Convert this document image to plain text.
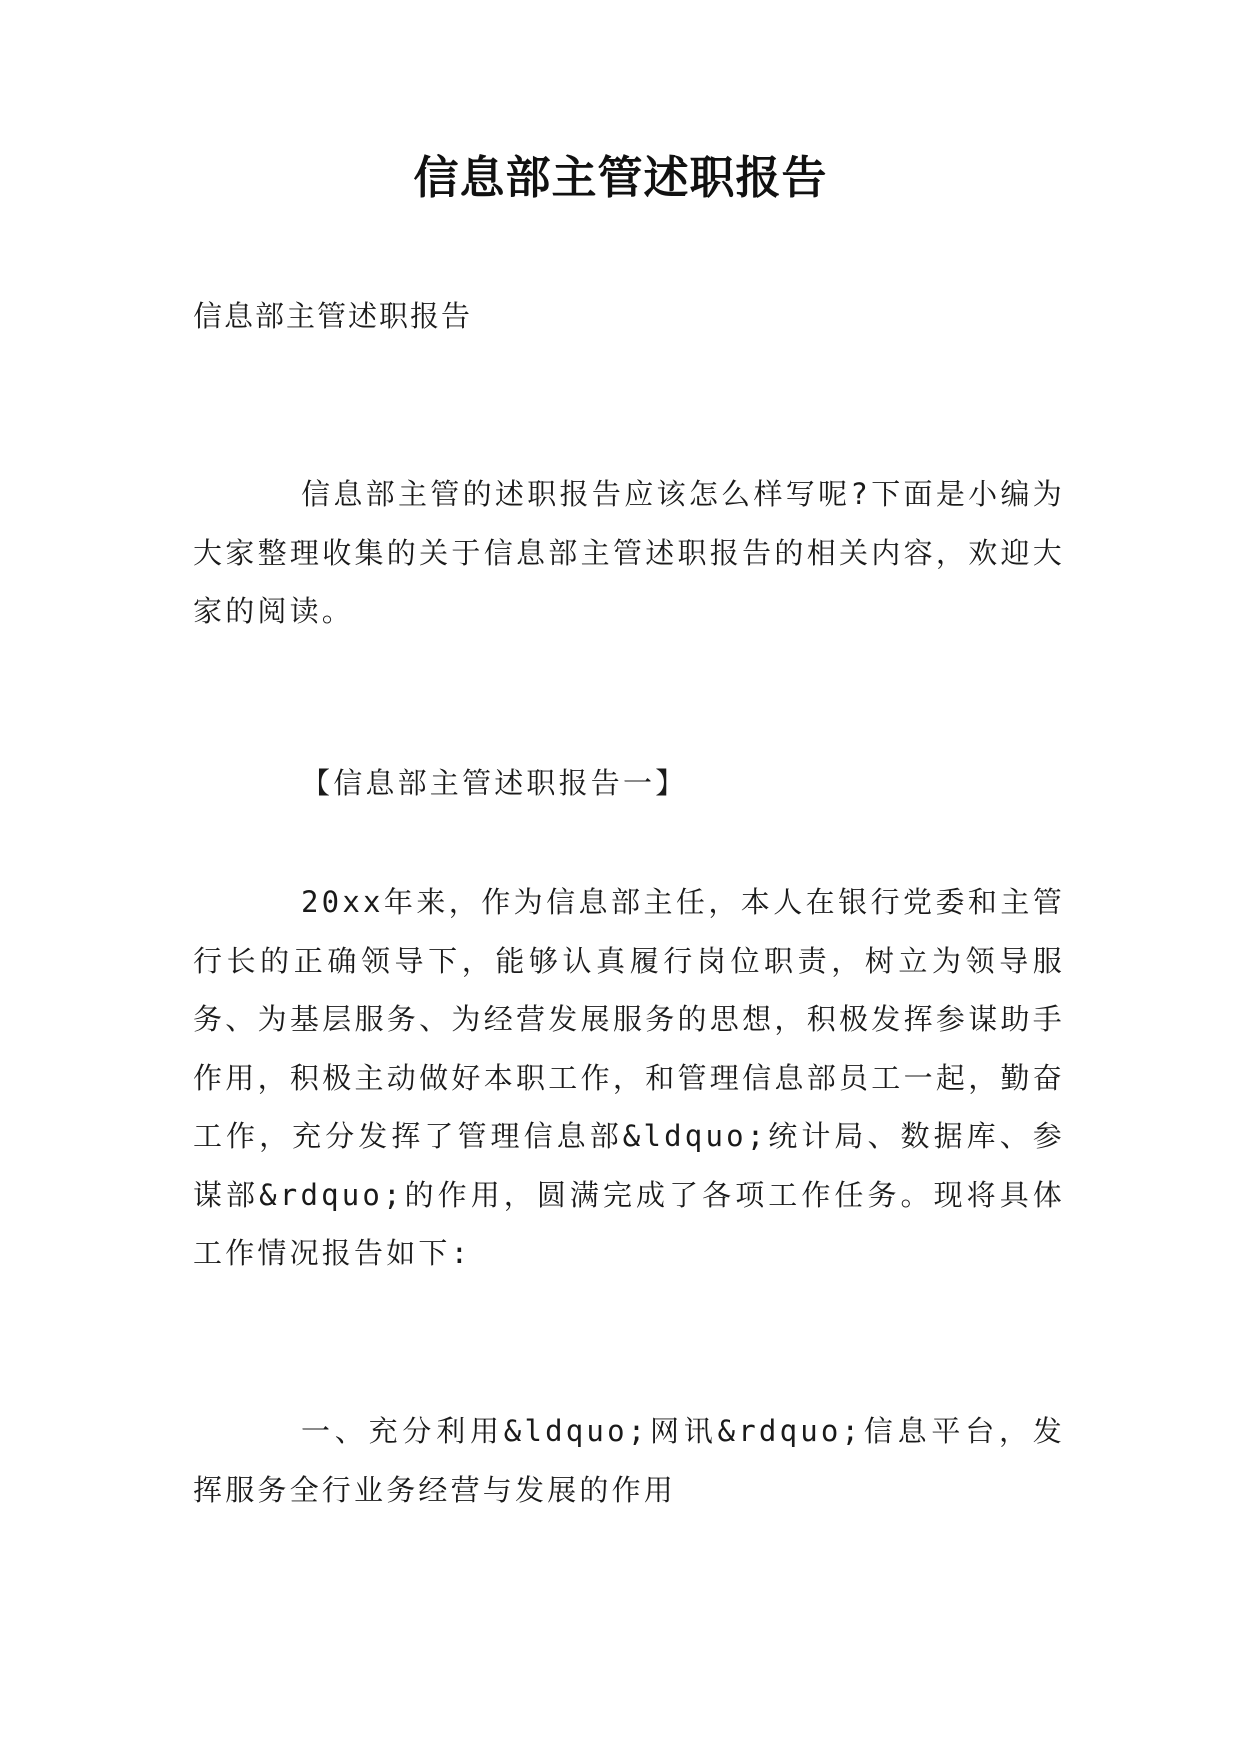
信息部主管述职报告

信息部主管述职报告

信息部主管的述职报告应该怎么样写呢?下面是小编为大家整理收集的关于信息部主管述职报告的相关内容，欢迎大家的阅读。

【信息部主管述职报告一】

20xx年来，作为信息部主任，本人在银行党委和主管行长的正确领导下，能够认真履行岗位职责，树立为领导服务、为基层服务、为经营发展服务的思想，积极发挥参谋助手作用，积极主动做好本职工作，和管理信息部员工一起，勤奋工作，充分发挥了管理信息部&ldquo;统计局、数据库、参谋部&rdquo;的作用，圆满完成了各项工作任务。现将具体工作情况报告如下:

一、充分利用&ldquo;网讯&rdquo;信息平台，发挥服务全行业务经营与发展的作用
